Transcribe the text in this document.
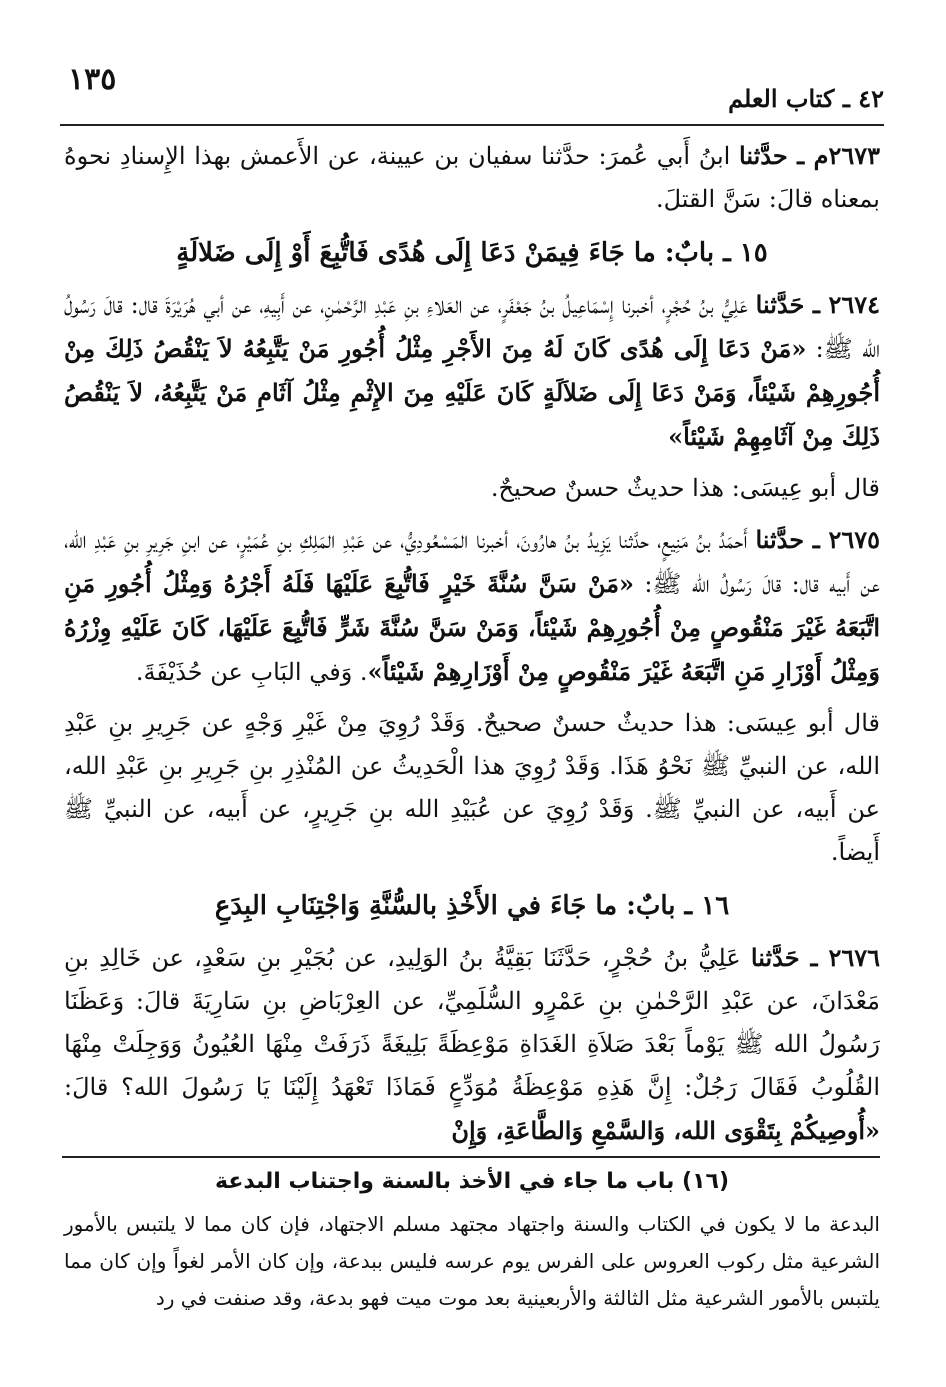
١٣٥
٤٢ ـ كتاب العلم

٢٦٧٣م ـ حدَّثنا ابنُ أَبي عُمرَ: حدَّثنا سفيان بن عيينة، عن الأَعمش بهذا الإِسنادِ نحوهُ بمعناه قالَ: سَنَّ القتلَ.

١٥ ـ بابٌ: ما جَاءَ فِيمَنْ دَعَا إِلَى هُدًى فَاتُّبِعَ أَوْ إِلَى ضَلالَةٍ

٢٦٧٤ ـ حَدَّثنا عَلِيُّ بنُ حُجْرٍ، أخبرنا إِسْمَاعِيلُ بنُ جَعْفَرٍ، عن العَلاءِ بنِ عَبْدِ الرَّحْمٰنِ، عن أَبِيهِ، عن أبي هُرَيْرَةَ قال: قالَ رَسُولُ الله ﷺ: «مَنْ دَعَا إِلَى هُدًى كَانَ لَهُ مِنَ الأَجْرِ مِثْلُ أُجُورِ مَنْ يَتَّبِعُهُ لاَ يَنْقُصُ ذَلِكَ مِنْ أُجُورِهِمْ شَيْئاً، وَمَنْ دَعَا إِلَى ضَلاَلَةٍ كَانَ عَلَيْهِ مِنَ الإِثْمِ مِثْلُ آثَامِ مَنْ يَتَّبِعُهُ، لاَ يَنْقُصُ ذَلِكَ مِنْ آثَامِهِمْ شَيْئاً»

قال أبو عِيسَى: هذا حديثٌ حسنٌ صحيحٌ.

٢٦٧٥ ـ حدَّثنا أَحمَدُ بنُ مَنِيعٍ، حدَّثنا يَزِيدُ بنُ هارُونَ، أخبرنا المَسْعُودِيُّ، عن عَبْدِ المَلِكِ بنِ عُمَيْرٍ، عن ابنِ جَرِيرِ بنِ عَبْدِ الله، عن أَبيه قال: قالَ رَسُولُ الله ﷺ: «مَنْ سَنَّ سُنَّةَ خَيْرٍ فَاتُّبِعَ عَلَيْهَا فَلَهُ أَجْرُهُ وَمِثْلُ أُجُورِ مَنِ اتَّبَعَهُ غَيْرَ مَنْقُوصٍ مِنْ أُجُورِهِمْ شَيْئاً، وَمَنْ سَنَّ سُنَّةَ شَرٍّ فَاتُّبِعَ عَلَيْهَا، كَانَ عَلَيْهِ وِزْرُهُ وَمِثْلُ أَوْزَارِ مَنِ اتَّبَعَهُ غَيْرَ مَنْقُوصٍ مِنْ أَوْزَارِهِمْ شَيْئاً». وَفي البَابِ عن حُذَيْفَةَ.

قال أبو عِيسَى: هذا حديثٌ حسنٌ صحيحٌ. وَقَدْ رُوِيَ مِنْ غَيْرِ وَجْهٍ عن جَرِيرِ بنِ عَبْدِ الله، عن النبيِّ ﷺ نَحْوُ هَذَا. وَقَدْ رُوِيَ هذا الْحَدِيثُ عن المُنْذِرِ بنِ جَرِيرِ بنِ عَبْدِ الله، عن أَبيه، عن النبيِّ ﷺ. وَقَدْ رُوِيَ عن عُبَيْدِ الله بنِ جَرِيرٍ، عن أَبيه، عن النبيِّ ﷺ أَيضاً.

١٦ ـ بابٌ: ما جَاءَ في الأَخْذِ بالسُّنَّةِ وَاجْتِنَابِ البِدَعِ

٢٦٧٦ ـ حَدَّثنا عَلِيُّ بنُ حُجْرٍ، حَدَّثَنَا بَقِيَّةُ بنُ الوَلِيدِ، عن بُجَيْرِ بنِ سَعْدٍ، عن خَالِدِ بنِ مَعْدَانَ، عن عَبْدِ الرَّحْمٰنِ بنِ عَمْرٍو السُّلَمِيِّ، عن العِرْبَاضِ بنِ سَارِيَةَ قالَ: وَعَظَنَا رَسُولُ الله ﷺ يَوْماً بَعْدَ صَلاَةِ الغَدَاةِ مَوْعِظَةً بَلِيغَةً ذَرَفَتْ مِنْهَا العُيُونُ وَوَجِلَتْ مِنْهَا القُلُوبُ فَقَالَ رَجُلٌ: إِنَّ هَذِهِ مَوْعِظَةُ مُوَدِّعٍ فَمَاذَا تَعْهَدُ إِلَيْنَا يَا رَسُولَ الله؟ قالَ: «أُوصِيكُمْ بِتَقْوَى الله، وَالسَّمْعِ وَالطَّاعَةِ، وَإِنْ

(١٦) باب ما جاء في الأخذ بالسنة واجتناب البدعة
البدعة ما لا يكون في الكتاب والسنة واجتهاد مجتهد مسلم الاجتهاد، فإن كان مما لا يلتبس بالأمور الشرعية مثل ركوب العروس على الفرس يوم عرسه فليس ببدعة، وإن كان الأمر لغواً وإن كان مما يلتبس بالأمور الشرعية مثل الثالثة والأربعينية بعد موت ميت فهو بدعة، وقد صنفت في رد
